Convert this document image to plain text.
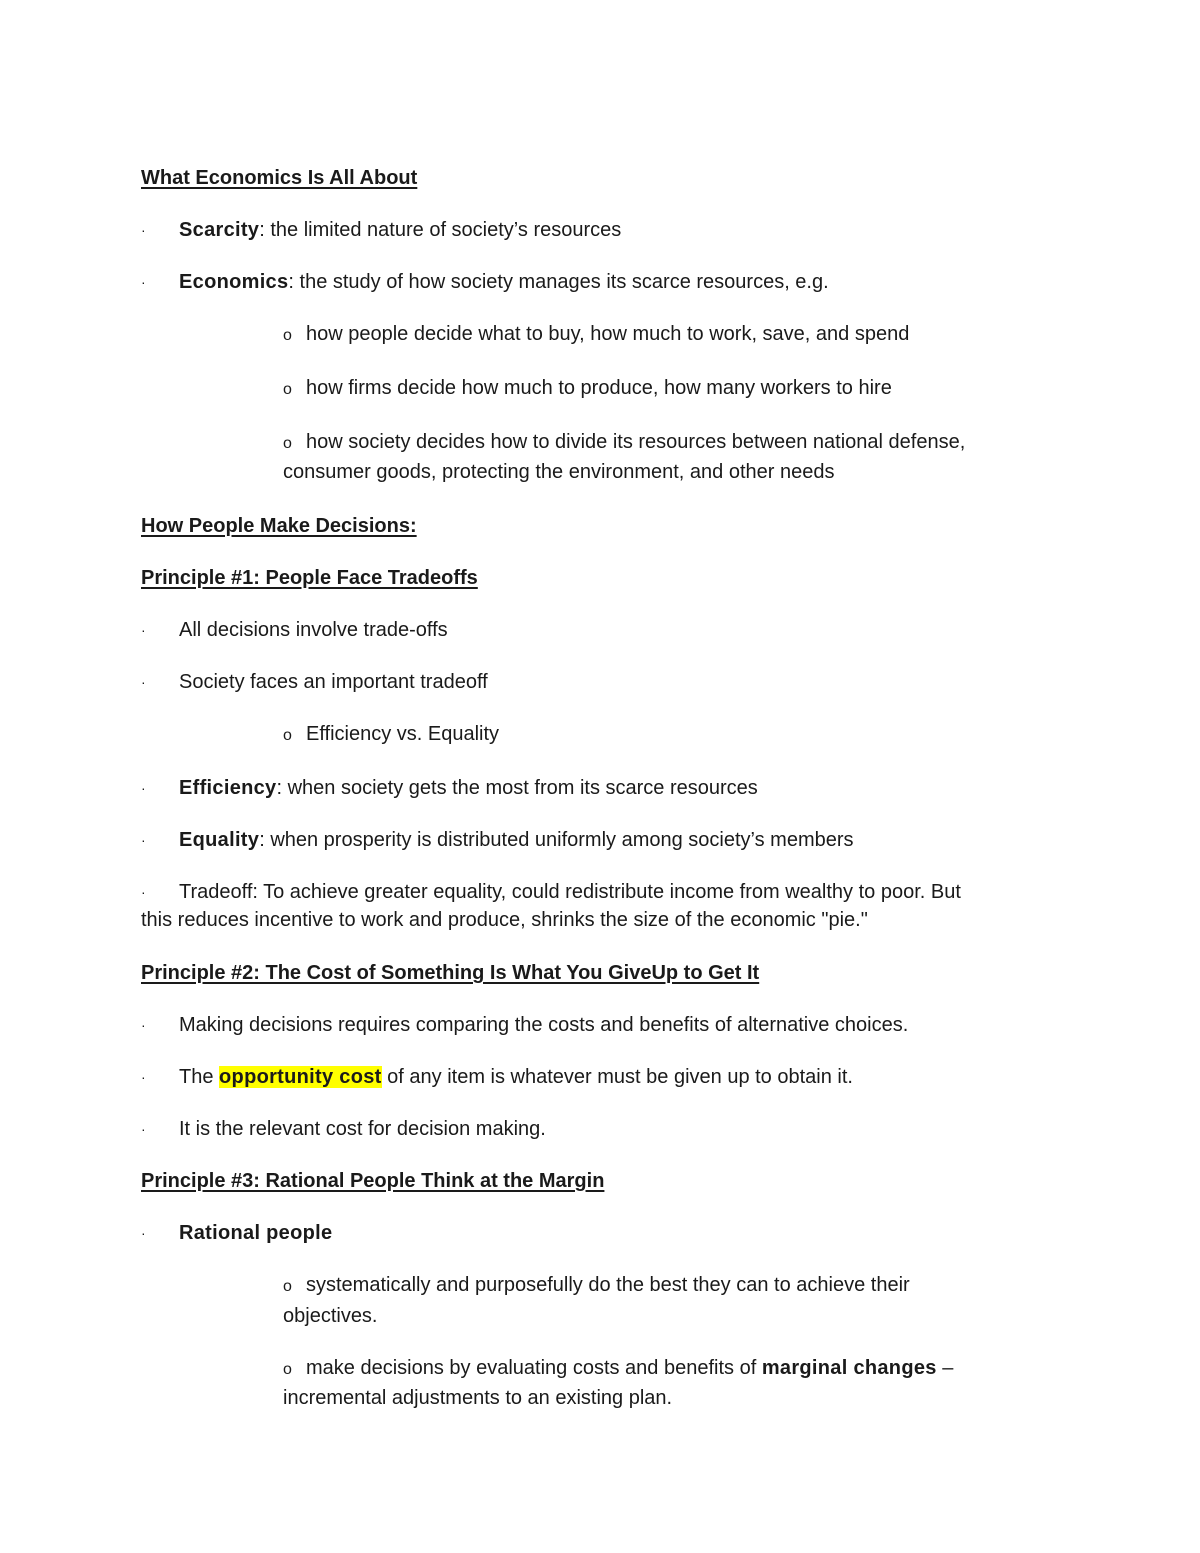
What Economics Is All About
· Scarcity: the limited nature of society’s resources
· Economics: the study of how society manages its scarce resources, e.g.
o how people decide what to buy, how much to work, save, and spend
o how firms decide how much to produce, how many workers to hire
o how society decides how to divide its resources between national defense,
consumer goods, protecting the environment, and other needs
How People Make Decisions:
Principle #1: People Face Tradeoffs
· All decisions involve trade-offs
· Society faces an important tradeoff
o Efficiency vs. Equality
· Efficiency: when society gets the most from its scarce resources
· Equality: when prosperity is distributed uniformly among society’s members
· Tradeoff: To achieve greater equality, could redistribute income from wealthy to poor. But
this reduces incentive to work and produce, shrinks the size of the economic "pie."
Principle #2: The Cost of Something Is What You GiveUp to Get It
· Making decisions requires comparing the costs and benefits of alternative choices.
· The opportunity cost of any item is whatever must be given up to obtain it.
· It is the relevant cost for decision making.
Principle #3: Rational People Think at the Margin
· Rational people
o systematically and purposefully do the best they can to achieve their
objectives.
o make decisions by evaluating costs and benefits of marginal changes –
incremental adjustments to an existing plan.
